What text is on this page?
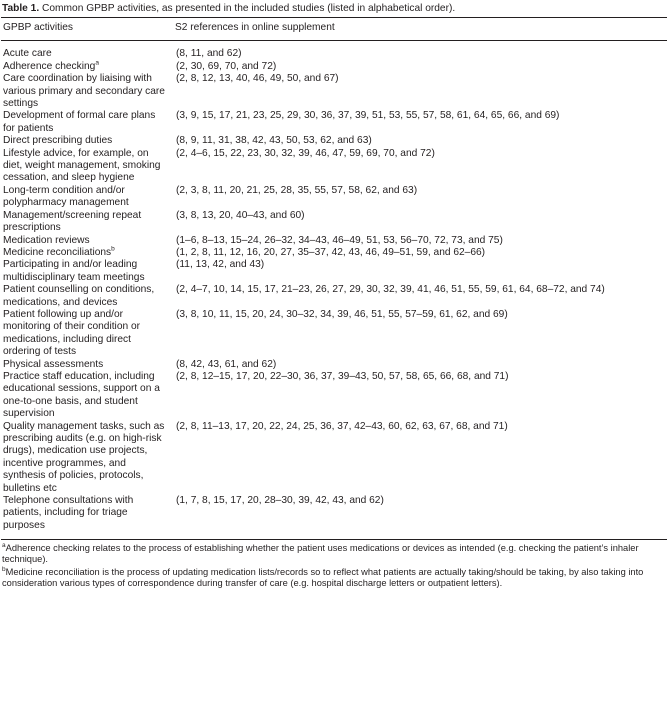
Table 1. Common GPBP activities, as presented in the included studies (listed in alphabetical order).
GPBP activities	S2 references in online supplement
Acute care	(8, 11, and 62)
Adherence checking$^a$	(2, 30, 69, 70, and 72)
Care coordination by liaising with various primary and secondary care settings	(2, 8, 12, 13, 40, 46, 49, 50, and 67)
Development of formal care plans for patients	(3, 9, 15, 17, 21, 23, 25, 29, 30, 36, 37, 39, 51, 53, 55, 57, 58, 61, 64, 65, 66, and 69)
Direct prescribing duties	(8, 9, 11, 31, 38, 42, 43, 50, 53, 62, and 63)
Lifestyle advice, for example, on diet, weight management, smoking cessation, and sleep hygiene	(2, 4–6, 15, 22, 23, 30, 32, 39, 46, 47, 59, 69, 70, and 72)
Long-term condition and/or polypharmacy management	(2, 3, 8, 11, 20, 21, 25, 28, 35, 55, 57, 58, 62, and 63)
Management/screening repeat prescriptions	(3, 8, 13, 20, 40–43, and 60)
Medication reviews	(1–6, 8–13, 15–24, 26–32, 34–43, 46–49, 51, 53, 56–70, 72, 73, and 75)
Medicine reconciliations$^b$	(1, 2, 8, 11, 12, 16, 20, 27, 35–37, 42, 43, 46, 49–51, 59, and 62–66)
Participating in and/or leading multidisciplinary team meetings	(11, 13, 42, and 43)
Patient counselling on conditions, medications, and devices	(2, 4–7, 10, 14, 15, 17, 21–23, 26, 27, 29, 30, 32, 39, 41, 46, 51, 55, 59, 61, 64, 68–72, and 74)
Patient following up and/or monitoring of their condition or medications, including direct ordering of tests	(3, 8, 10, 11, 15, 20, 24, 30–32, 34, 39, 46, 51, 55, 57–59, 61, 62, and 69)
Physical assessments	(8, 42, 43, 61, and 62)
Practice staff education, including educational sessions, support on a one-to-one basis, and student supervision	(2, 8, 12–15, 17, 20, 22–30, 36, 37, 39–43, 50, 57, 58, 65, 66, 68, and 71)
Quality management tasks, such as prescribing audits (e.g. on high-risk drugs), medication use projects, incentive programmes, and synthesis of policies, protocols, bulletins etc	(2, 8, 11–13, 17, 20, 22, 24, 25, 36, 37, 42–43, 60, 62, 63, 67, 68, and 71)
Telephone consultations with patients, including for triage purposes	(1, 7, 8, 15, 17, 20, 28–30, 39, 42, 43, and 62)
$^a$Adherence checking relates to the process of establishing whether the patient uses medications or devices as intended (e.g. checking the patient’s inhaler technique).
$^b$Medicine reconciliation is the process of updating medication lists/records so to reflect what patients are actually taking/should be taking, by also taking into consideration various types of correspondence during transfer of care (e.g. hospital discharge letters or outpatient letters).
